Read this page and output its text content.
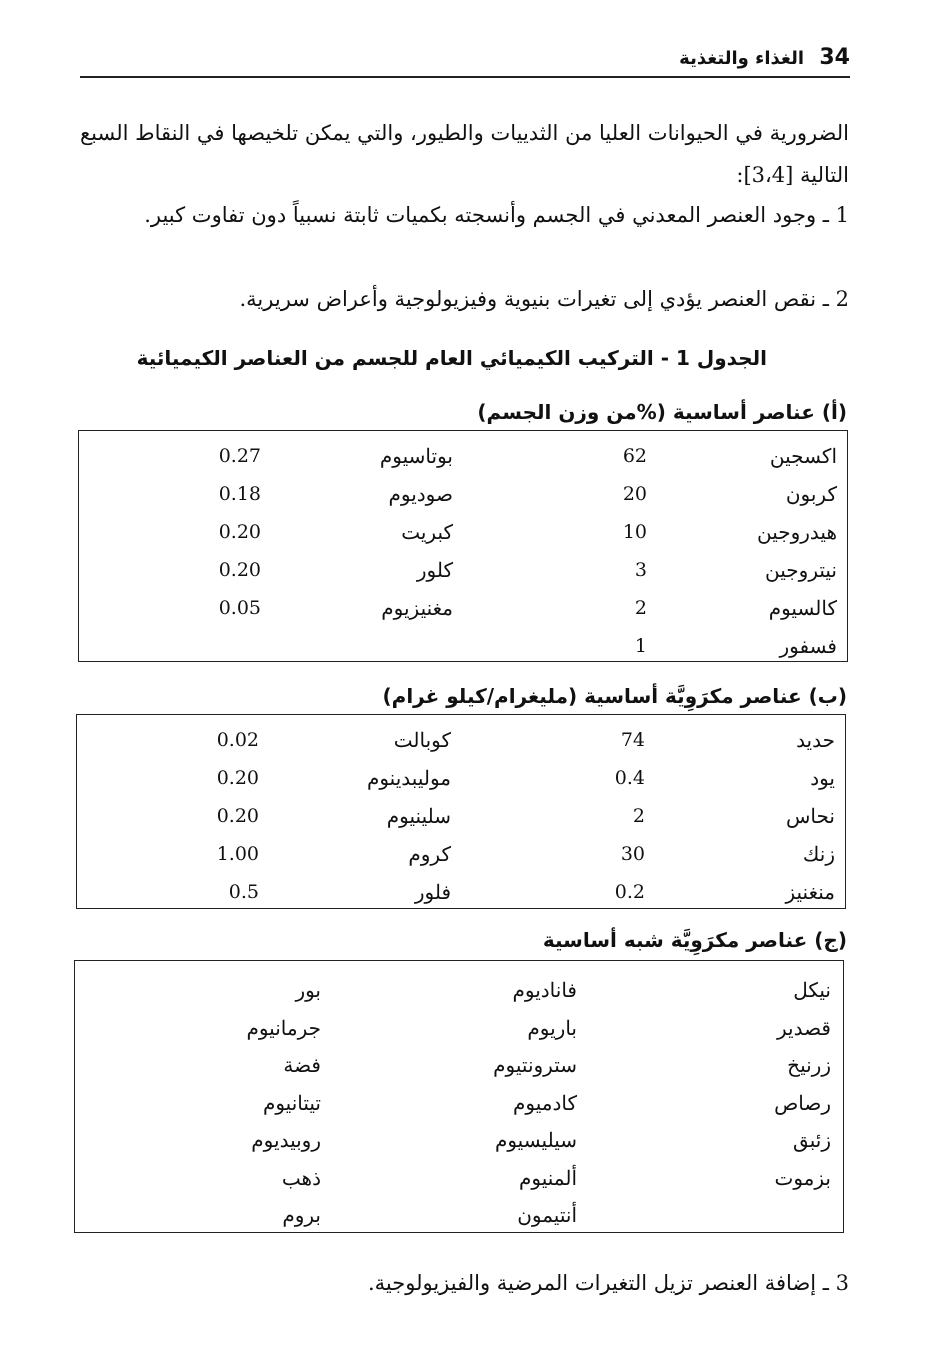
34
الغذاء والتغذية

الضرورية في الحيوانات العليا من الثدييات والطيور، والتي يمكن تلخيصها في النقاط السبع التالية [3،4]:

1 ـ وجود العنصر المعدني في الجسم وأنسجته بكميات ثابتة نسبياً دون تفاوت كبير.

2 ـ نقص العنصر يؤدي إلى تغيرات بنيوية وفيزيولوجية وأعراض سريرية.

الجدول 1 - التركيب الكيميائي العام للجسم من العناصر الكيميائية
(أ) عناصر أساسية (%من وزن الجسم)
اكسجين
62
بوتاسيوم
0.27
كربون
20
صوديوم
0.18
هيدروجين
10
كبريت
0.20
نيتروجين
3
كلور
0.20
كالسيوم
2
مغنيزيوم
0.05
فسفور
1
(ب) عناصر مكرَوِيَّة أساسية (مليغرام/كيلو غرام)
حديد
74
كوبالت
0.02
يود
0.4
موليبدينوم
0.20
نحاس
2
سلينيوم
0.20
زنك
30
كروم
1.00
منغنيز
0.2
فلور
0.5
(ج) عناصر مكرَوِيَّة شبه أساسية
نيكل
فاناديوم
بور
قصدير
باريوم
جرمانيوم
زرنيخ
سترونتيوم
فضة
رصاص
كادميوم
تيتانيوم
زئبق
سيليسيوم
روبيديوم
بزموت
ألمنيوم
ذهب
أنتيمون
بروم

3 ـ إضافة العنصر تزيل التغيرات المرضية والفيزيولوجية.
